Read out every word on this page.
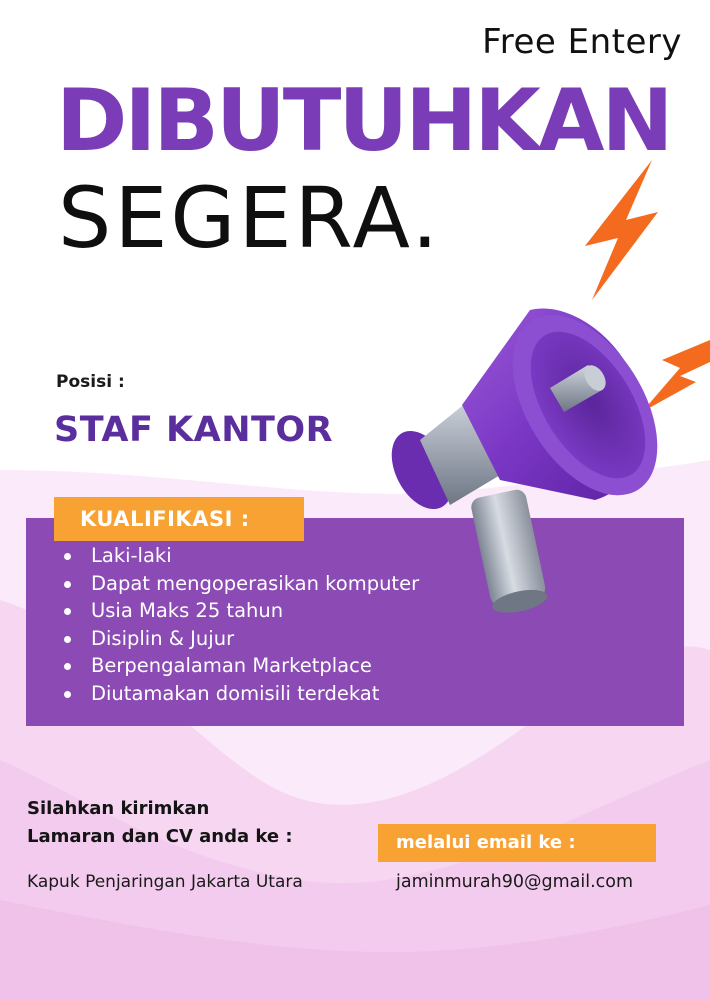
Free Entery
DIBUTUHKAN
SEGERA.
Posisi :
STAF KANTOR
KUALIFIKASI :
Laki-laki
Dapat mengoperasikan komputer
Usia Maks 25 tahun
Disiplin & Jujur
Berpengalaman Marketplace
Diutamakan domisili terdekat
Silahkan kirimkan
Lamaran dan CV anda ke :
Kapuk Penjaringan Jakarta Utara
melalui email ke :
jaminmurah90@gmail.com
